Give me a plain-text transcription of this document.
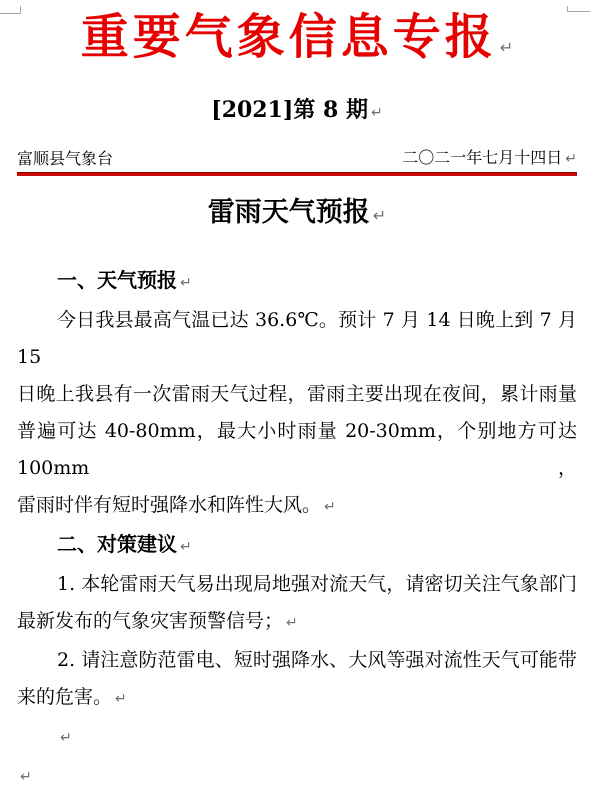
重要气象信息专报 ↵
[2021]第 8 期 ↵
富顺县气象台	二〇二一年七月十四日 ↵
雷雨天气预报 ↵
一、天气预报 ↵
今日我县最高气温已达 36.6℃。预计 7 月 14 日晚上到 7 月 15
日晚上我县有一次雷雨天气过程，雷雨主要出现在夜间，累计雨量
普遍可达 40-80mm，最大小时雨量 20-30mm，个别地方可达 100mm，
雷雨时伴有短时强降水和阵性大风。 ↵
二、对策建议 ↵
1. 本轮雷雨天气易出现局地强对流天气，请密切关注气象部门
最新发布的气象灾害预警信号； ↵
2. 请注意防范雷电、短时强降水、大风等强对流性天气可能带
来的危害。 ↵
↵
↵
